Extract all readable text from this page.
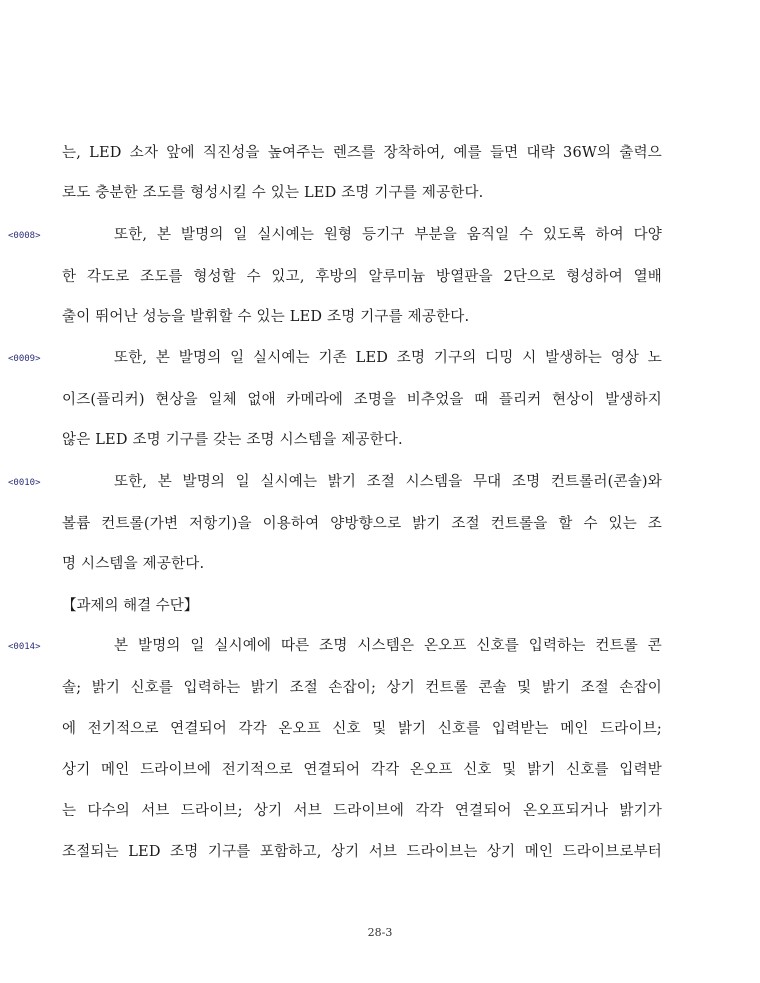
는, LED 소자 앞에 직진성을 높여주는 렌즈를 장착하여, 예를 들면 대략 36W의 출력으
로도 충분한 조도를 형성시킬 수 있는 LED 조명 기구를 제공한다.
<0008>	또한, 본 발명의 일 실시예는 원형 등기구 부분을 움직일 수 있도록 하여 다양
한 각도로 조도를 형성할 수 있고, 후방의 알루미늄 방열판을 2단으로 형성하여 열배
출이 뛰어난 성능을 발휘할 수 있는 LED 조명 기구를 제공한다.
<0009>	또한, 본 발명의 일 실시예는 기존 LED 조명 기구의 디밍 시 발생하는 영상 노
이즈(플리커) 현상을 일체 없애 카메라에 조명을 비추었을 때 플리커 현상이 발생하지
않은 LED 조명 기구를 갖는 조명 시스템을 제공한다.
<0010>	또한, 본 발명의 일 실시예는 밝기 조절 시스템을 무대 조명 컨트롤러(콘솔)와
볼륨 컨트롤(가변 저항기)을 이용하여 양방향으로 밝기 조절 컨트롤을 할 수 있는 조
명 시스템을 제공한다.
【과제의 해결 수단】
<0014>	본 발명의 일 실시예에 따른 조명 시스템은 온오프 신호를 입력하는 컨트롤 콘
솔; 밝기 신호를 입력하는 밝기 조절 손잡이; 상기 컨트롤 콘솔 및 밝기 조절 손잡이
에 전기적으로 연결되어 각각 온오프 신호 및 밝기 신호를 입력받는 메인 드라이브;
상기 메인 드라이브에 전기적으로 연결되어 각각 온오프 신호 및 밝기 신호를 입력받
는 다수의 서브 드라이브; 상기 서브 드라이브에 각각 연결되어 온오프되거나 밝기가
조절되는 LED 조명 기구를 포함하고, 상기 서브 드라이브는 상기 메인 드라이브로부터
28-3
